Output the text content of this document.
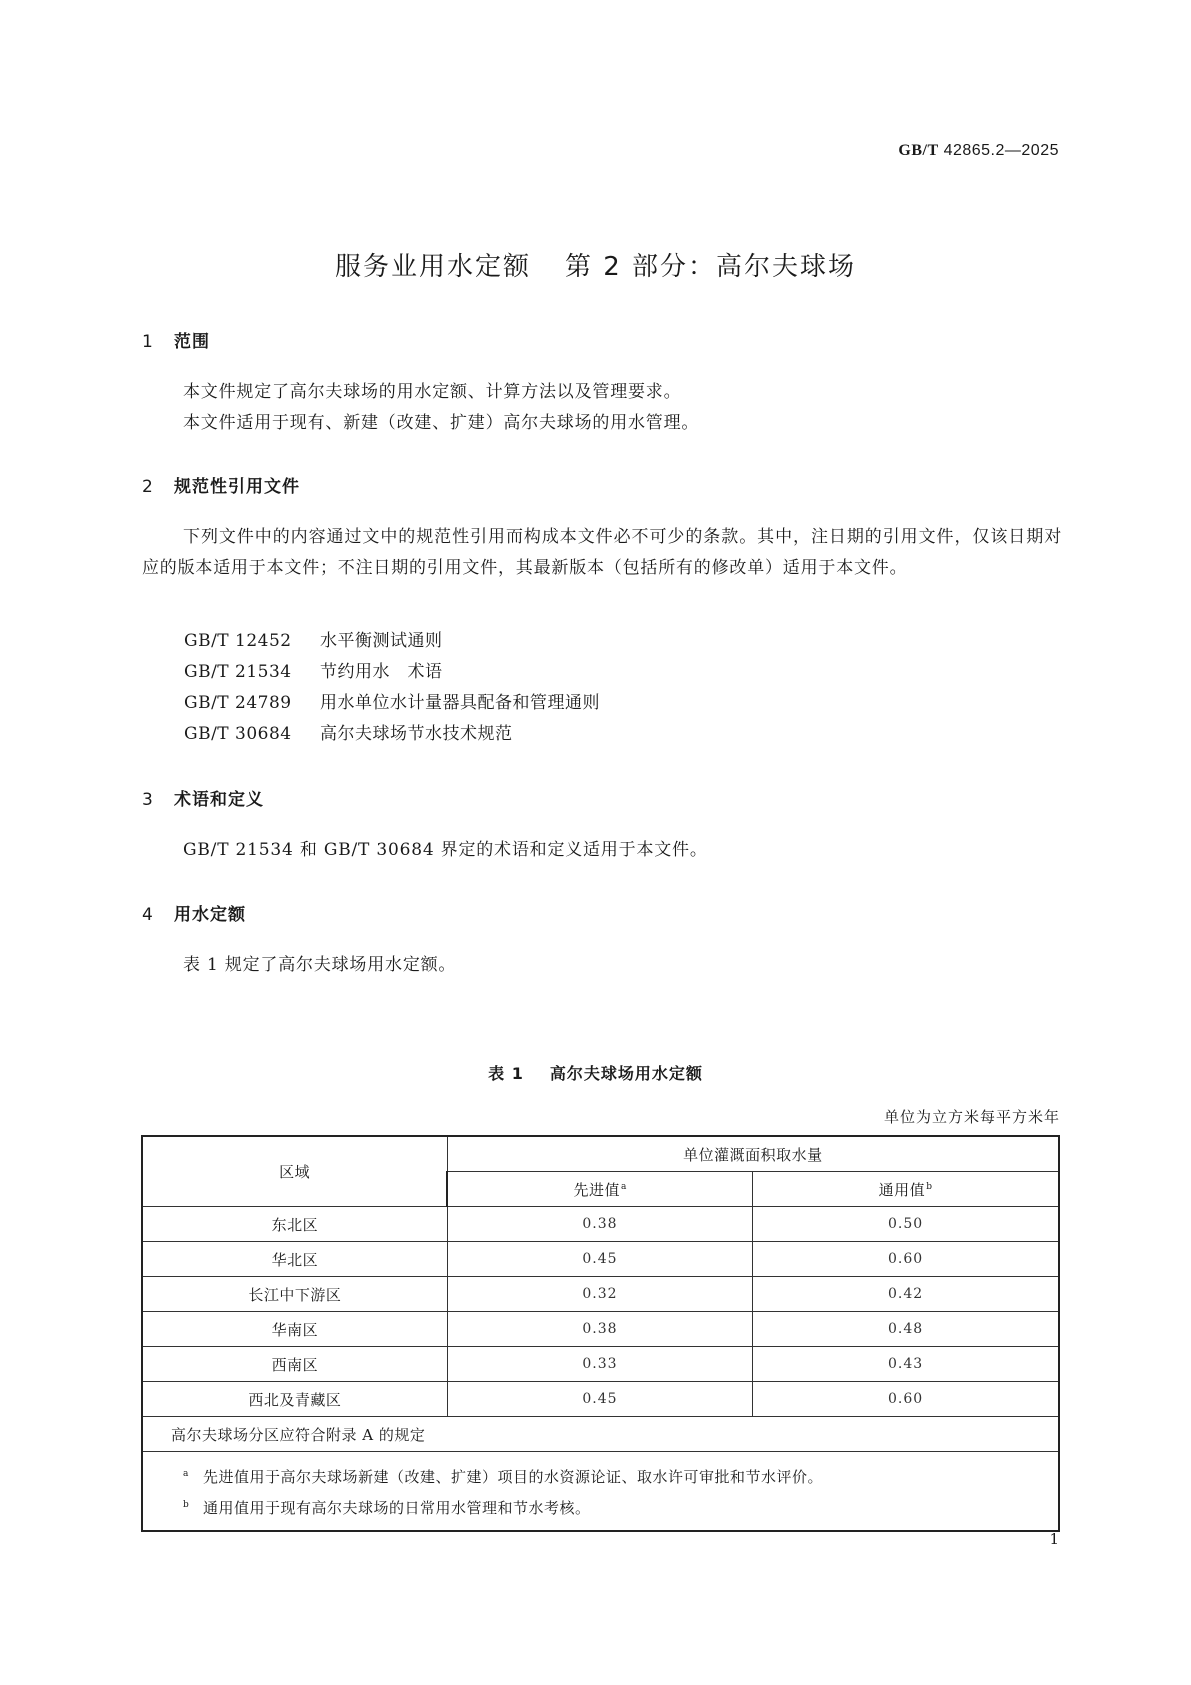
GB/T 42865.2—2025
服务业用水定额 第 2 部分：高尔夫球场
1 范围

本文件规定了高尔夫球场的用水定额、计算方法以及管理要求。

本文件适用于现有、新建（改建、扩建）高尔夫球场的用水管理。

2 规范性引用文件

下列文件中的内容通过文中的规范性引用而构成本文件必不可少的条款。其中，注日期的引用文件，仅该日期对应的版本适用于本文件；不注日期的引用文件，其最新版本（包括所有的修改单）适用于本文件。

GB/T 12452 水平衡测试通则

GB/T 21534 节约用水　术语

GB/T 24789 用水单位水计量器具配备和管理通则

GB/T 30684 高尔夫球场节水技术规范

3 术语和定义

GB/T 21534 和 GB/T 30684 界定的术语和定义适用于本文件。

4 用水定额

表 1 规定了高尔夫球场用水定额。

表 1 高尔夫球场用水定额
单位为立方米每平方米年
区域	单位灌溉面积取水量	
	先进值$^a$	通用值$^b$
东北区	0.38	0.50
华北区	0.45	0.60
长江中下游区	0.32	0.42
华南区	0.38	0.48
西南区	0.33	0.43
西北及青藏区	0.45	0.60
高尔夫球场分区应符合附录 A 的规定		

$^a$ 先进值用于高尔夫球场新建（改建、扩建）项目的水资源论证、取水许可审批和节水评价。
$^b$ 通用值用于现有高尔夫球场的日常用水管理和节水考核。		
1
